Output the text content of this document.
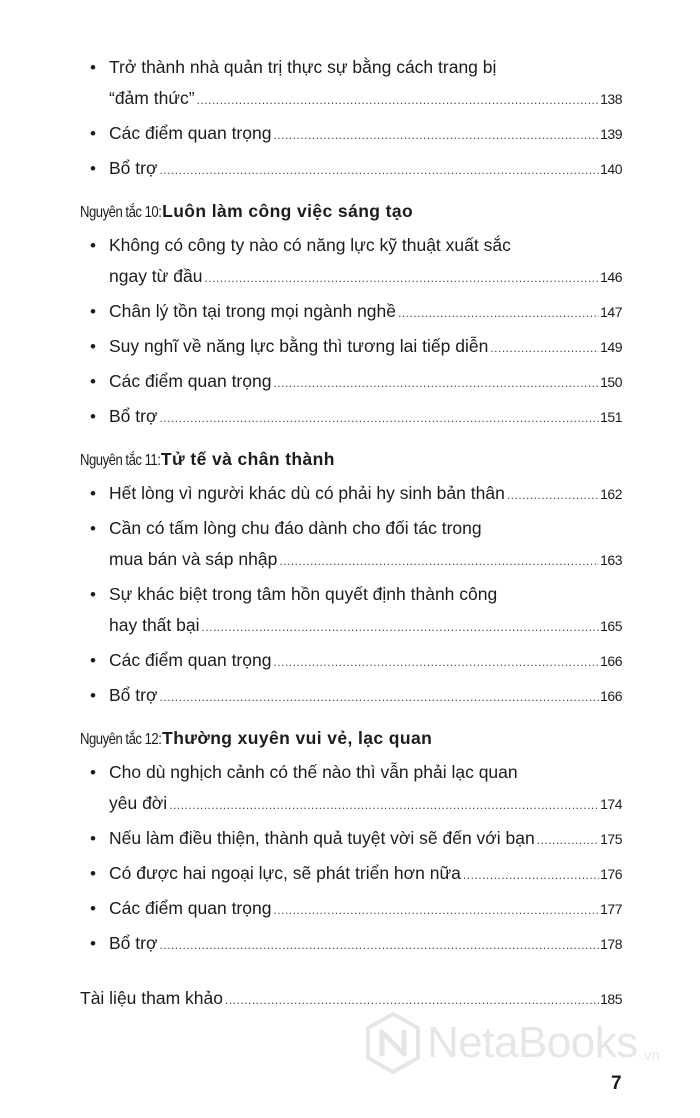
• Trở thành nhà quản trị thực sự bằng cách trang bị
“đảm thức” .....	138
• Các điểm quan trọng .....	139
• Bổ trợ .....	140
Nguyên tắc 10: Luôn làm công việc sáng tạo
• Không có công ty nào có năng lực kỹ thuật xuất sắc
ngay từ đầu .....	146
• Chân lý tồn tại trong mọi ngành nghề .....	147
• Suy nghĩ về năng lực bằng thì tương lai tiếp diễn .....	149
• Các điểm quan trọng .....	150
• Bổ trợ .....	151
Nguyên tắc 11: Tử tế và chân thành
• Hết lòng vì người khác dù có phải hy sinh bản thân .....	162
• Cần có tấm lòng chu đáo dành cho đối tác trong
mua bán và sáp nhập .....	163
• Sự khác biệt trong tâm hồn quyết định thành công
hay thất bại .....	165
• Các điểm quan trọng .....	166
• Bổ trợ .....	166
Nguyên tắc 12: Thường xuyên vui vẻ, lạc quan
• Cho dù nghịch cảnh có thế nào thì vẫn phải lạc quan
yêu đời .....	174
• Nếu làm điều thiện, thành quả tuyệt vời sẽ đến với bạn .....	175
• Có được hai ngoại lực, sẽ phát triển hơn nữa .....	176
• Các điểm quan trọng .....	177
• Bổ trợ .....	178
Tài liệu tham khảo .....	185
NetaBooks .vn
7
